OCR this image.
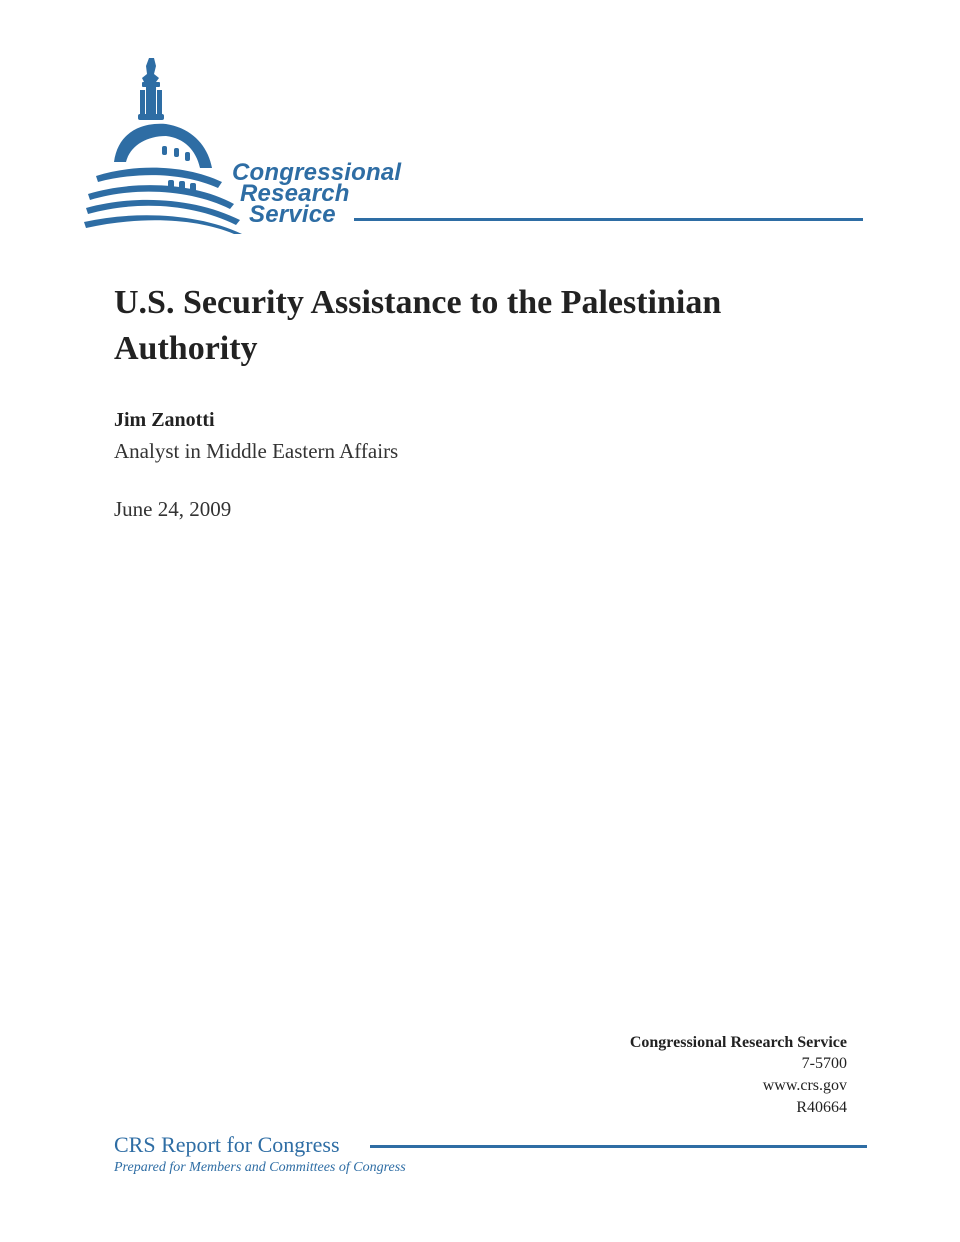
Congressional
Research
Service
U.S. Security Assistance to the Palestinian Authority
Jim Zanotti
Analyst in Middle Eastern Affairs
June 24, 2009
Congressional Research Service
7-5700
www.crs.gov
R40664
CRS Report for Congress
Prepared for Members and Committees of Congress
